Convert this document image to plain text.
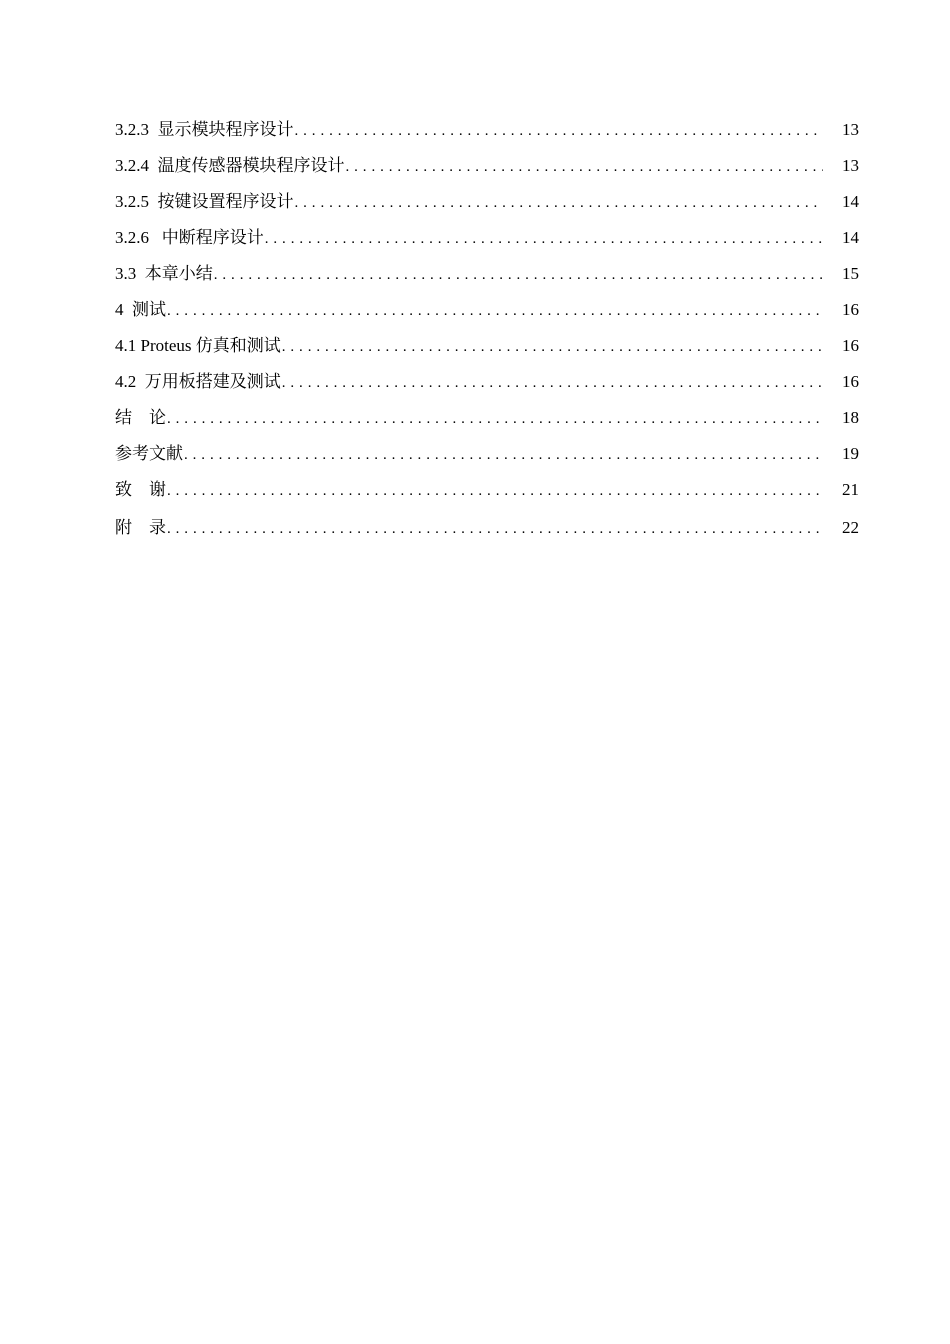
3.2.3  显示模块程序设计 .....	13
3.2.4  温度传感器模块程序设计 .....	13
3.2.5  按键设置程序设计 .....	14
3.2.6   中断程序设计 .....	14
3.3  本章小结 .....	15
4  测试 .....	16
4.1 Proteus 仿真和测试 .....	16
4.2  万用板搭建及测试 .....	16
结    论 .....	18
参考文献 .....	19
致    谢 .....	21
附    录 .....	22
